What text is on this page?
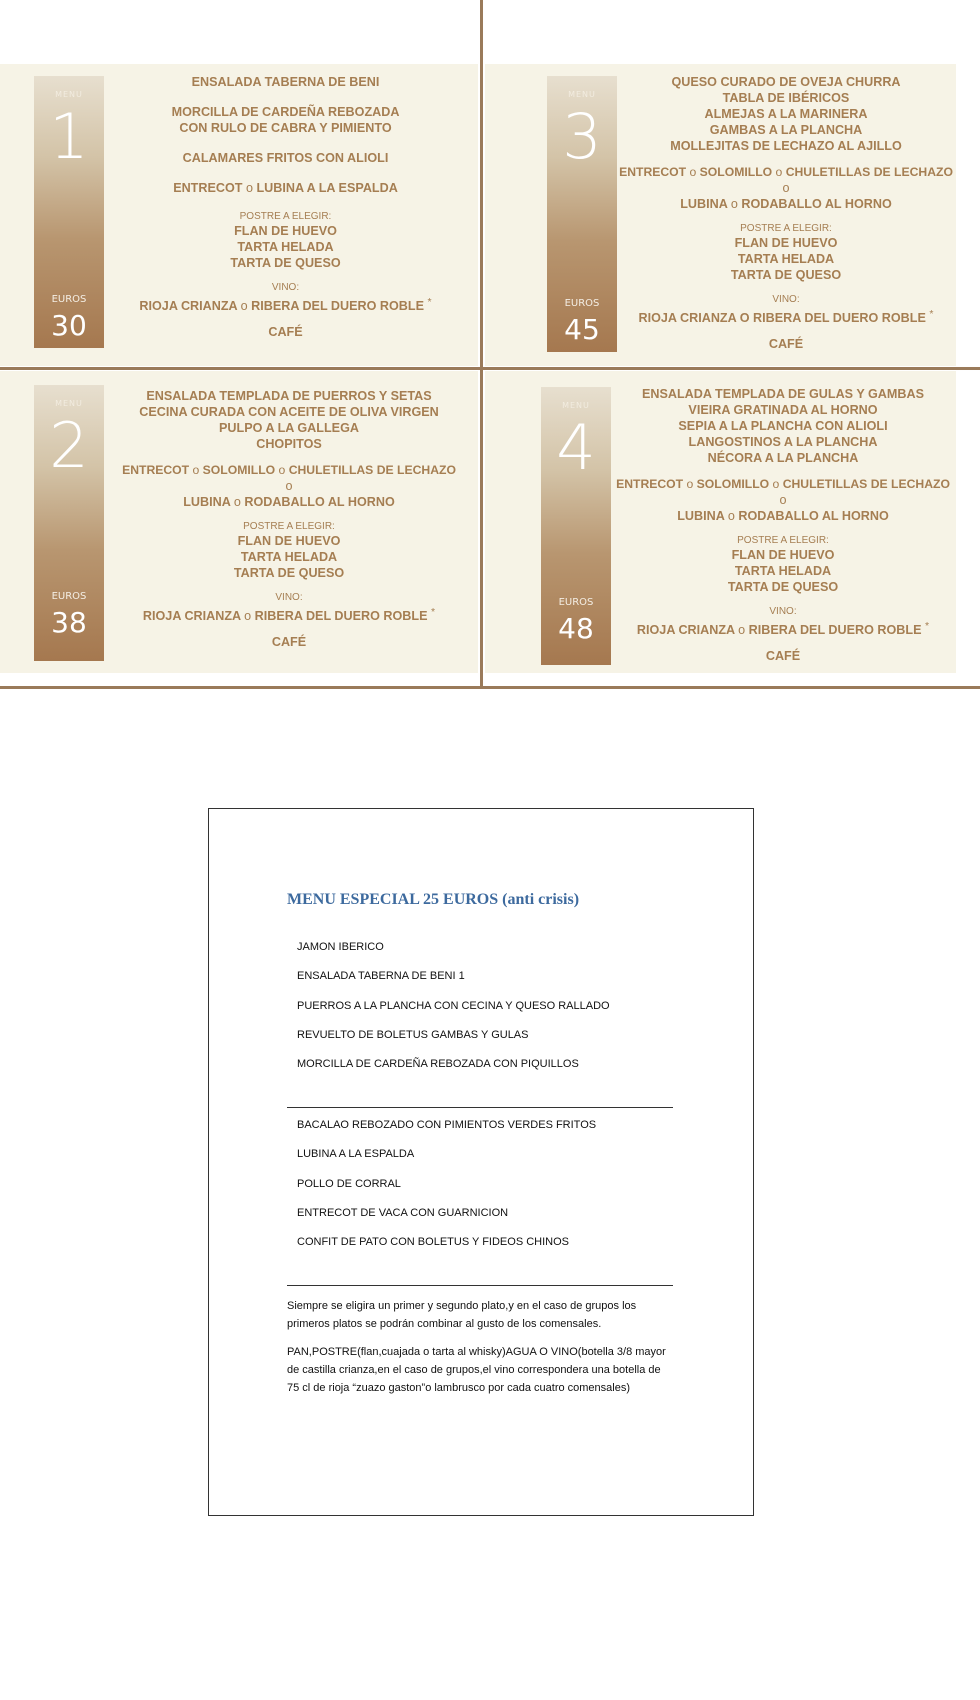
MENU
1
EUROS
30
ENSALADA TABERNA DE BENI
MORCILLA DE CARDEÑA REBOZADA
CON RULO DE CABRA Y PIMIENTO
CALAMARES FRITOS CON ALIOLI
ENTRECOT o LUBINA A LA ESPALDA
POSTRE A ELEGIR:
FLAN DE HUEVO
TARTA HELADA
TARTA DE QUESO
VINO:
RIOJA CRIANZA o RIBERA DEL DUERO ROBLE *
CAFÉ
MENU
3
EUROS
45
QUESO CURADO DE OVEJA CHURRA
TABLA DE IBÉRICOS
ALMEJAS A LA MARINERA
GAMBAS A LA PLANCHA
MOLLEJITAS DE LECHAZO AL AJILLO
ENTRECOT o SOLOMILLO o CHULETILLAS DE LECHAZO
o
LUBINA o RODABALLO AL HORNO
POSTRE A ELEGIR:
FLAN DE HUEVO
TARTA HELADA
TARTA DE QUESO
VINO:
RIOJA CRIANZA O RIBERA DEL DUERO ROBLE *
CAFÉ
MENU
2
EUROS
38
ENSALADA TEMPLADA DE PUERROS Y SETAS
CECINA CURADA CON ACEITE DE OLIVA VIRGEN
PULPO A LA GALLEGA
CHOPITOS
ENTRECOT o SOLOMILLO o CHULETILLAS DE LECHAZO
o
LUBINA o RODABALLO AL HORNO
POSTRE A ELEGIR:
FLAN DE HUEVO
TARTA HELADA
TARTA DE QUESO
VINO:
RIOJA CRIANZA o RIBERA DEL DUERO ROBLE *
CAFÉ
MENU
4
EUROS
48
ENSALADA TEMPLADA DE GULAS Y GAMBAS
VIEIRA GRATINADA AL HORNO
SEPIA A LA PLANCHA CON ALIOLI
LANGOSTINOS A LA PLANCHA
NÉCORA A LA PLANCHA
ENTRECOT o SOLOMILLO o CHULETILLAS DE LECHAZO
o
LUBINA o RODABALLO AL HORNO
POSTRE A ELEGIR:
FLAN DE HUEVO
TARTA HELADA
TARTA DE QUESO
VINO:
RIOJA CRIANZA o RIBERA DEL DUERO ROBLE *
CAFÉ
MENU ESPECIAL 25 EUROS (anti crisis)
JAMON IBERICO
ENSALADA TABERNA DE BENI 1
PUERROS A LA PLANCHA CON CECINA Y QUESO RALLADO
REVUELTO DE BOLETUS GAMBAS Y GULAS
MORCILLA DE CARDEÑA REBOZADA CON PIQUILLOS
BACALAO REBOZADO CON PIMIENTOS VERDES FRITOS
LUBINA A LA ESPALDA
POLLO DE CORRAL
ENTRECOT DE VACA CON GUARNICION
CONFIT DE PATO CON BOLETUS Y FIDEOS CHINOS

Siempre se eligira un primer y segundo plato,y en el caso de grupos los primeros platos se podrán combinar al gusto de los comensales.

PAN,POSTRE(flan,cuajada o tarta al whisky)AGUA O VINO(botella 3/8 mayor de castilla crianza,en el caso de grupos,el vino correspondera una botella de 75 cl de rioja “zuazo gaston”o lambrusco por cada cuatro comensales)
